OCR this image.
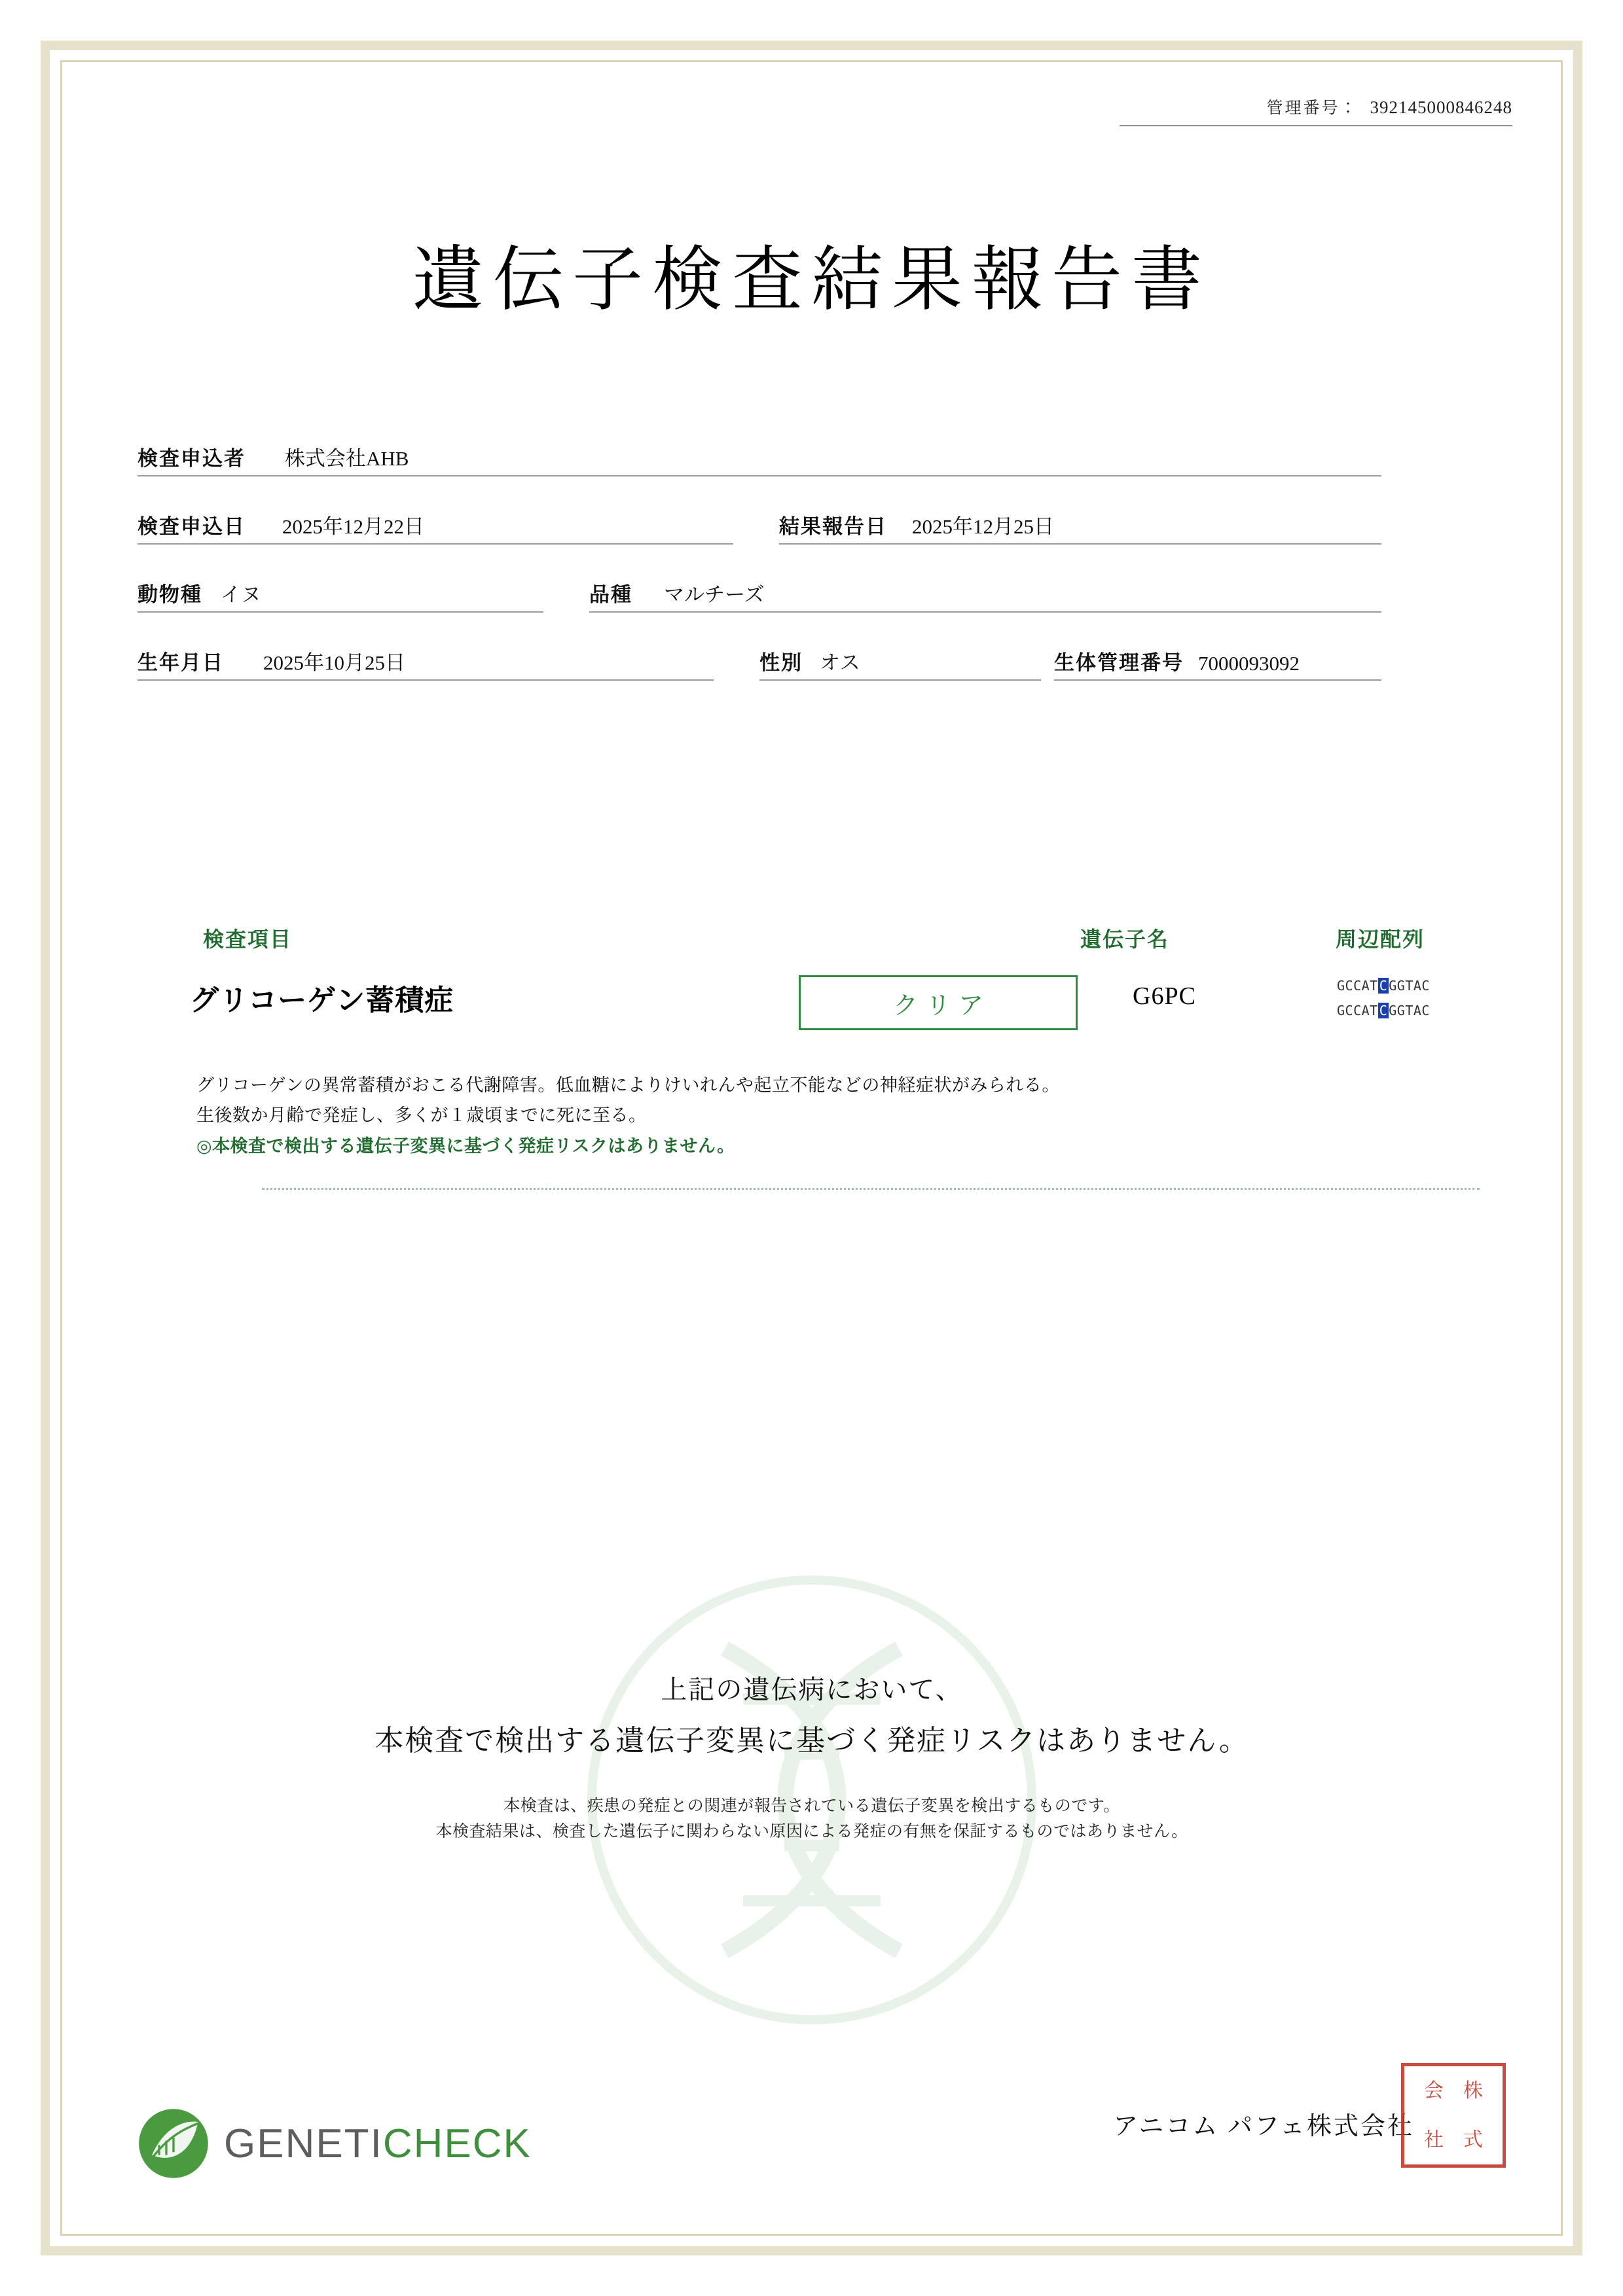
管理番号： 392145000846248
遺伝子検査結果報告書
検査申込者 株式会社AHB
検査申込日 2025年12月22日	結果報告日 2025年12月25日
動物種 イヌ	品種 マルチーズ
生年月日 2025年10月25日	性別 オス	生体管理番号 7000093092
検査項目	遺伝子名	周辺配列
グリコーゲン蓄積症	クリア	G6PC	GCCAT C GGTAC
GCCAT C GGTAC

グリコーゲンの異常蓄積がおこる代謝障害。低血糖によりけいれんや起立不能などの神経症状がみられる。

生後数か月齢で発症し、多くが１歳頃までに死に至る。

◎本検査で検出する遺伝子変異に基づく発症リスクはありません。

上記の遺伝病において、
本検査で検出する遺伝子変異に基づく発症リスクはありません。
本検査は、疾患の発症との関連が報告されている遺伝子変異を検出するものです。
本検査結果は、検査した遺伝子に関わらない原因による発症の有無を保証するものではありません。
GENETICHECK	アニコム パフェ株式会社
株
式
会
社
